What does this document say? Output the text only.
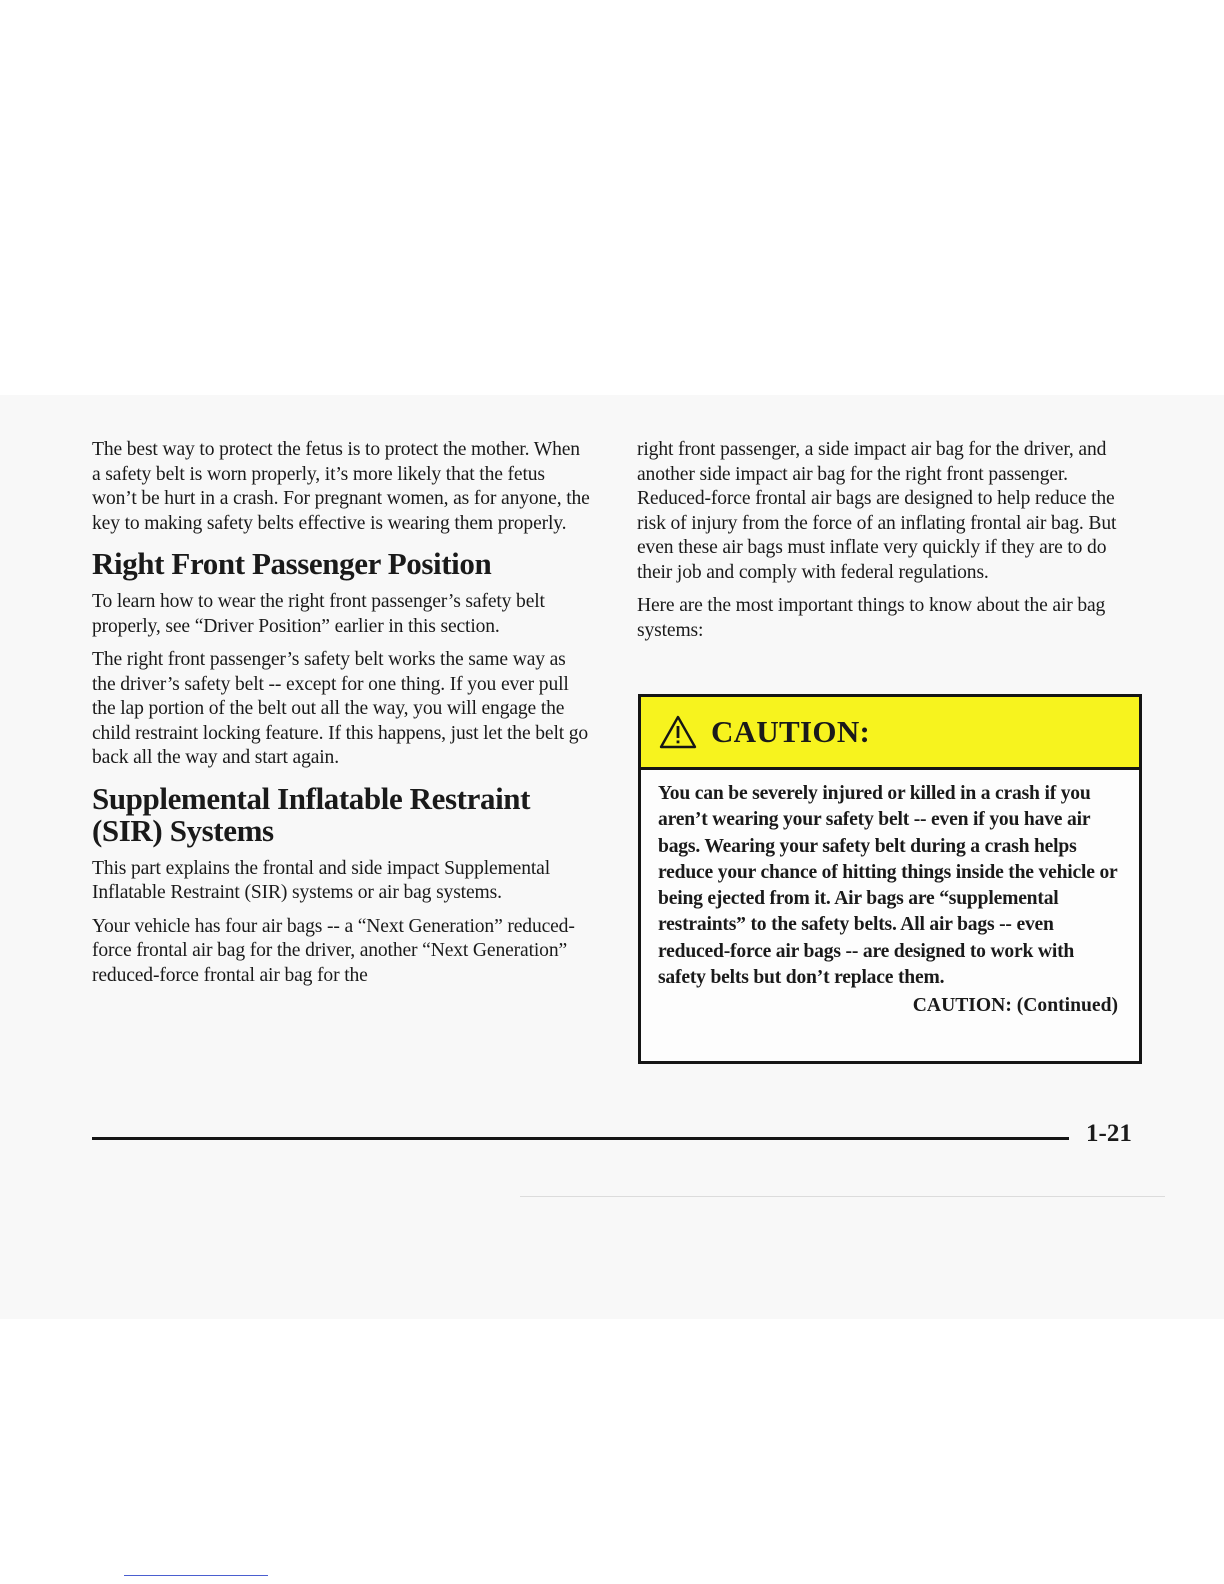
The best way to protect the fetus is to protect the mother. When a safety belt is worn properly, it’s more likely that the fetus won’t be hurt in a crash. For pregnant women, as for anyone, the key to making safety belts effective is wearing them properly.

Right Front Passenger Position

To learn how to wear the right front passenger’s safety belt properly, see “Driver Position” earlier in this section.

The right front passenger’s safety belt works the same way as the driver’s safety belt -- except for one thing. If you ever pull the lap portion of the belt out all the way, you will engage the child restraint locking feature. If this happens, just let the belt go back all the way and start again.

Supplemental Inflatable Restraint (SIR) Systems

This part explains the frontal and side impact Supplemental Inflatable Restraint (SIR) systems or air bag systems.

Your vehicle has four air bags -- a “Next Generation” reduced-force frontal air bag for the driver, another “Next Generation” reduced-force frontal air bag for the

right front passenger, a side impact air bag for the driver, and another side impact air bag for the right front passenger. Reduced-force frontal air bags are designed to help reduce the risk of injury from the force of an inflating frontal air bag. But even these air bags must inflate very quickly if they are to do their job and comply with federal regulations.

Here are the most important things to know about the air bag systems:

CAUTION:

You can be severely injured or killed in a crash if you aren’t wearing your safety belt -- even if you have air bags. Wearing your safety belt during a crash helps reduce your chance of hitting things inside the vehicle or being ejected from it. Air bags are “supplemental restraints” to the safety belts. All air bags -- even reduced-force air bags -- are designed to work with safety belts but don’t replace them.

CAUTION: (Continued)
1-21
